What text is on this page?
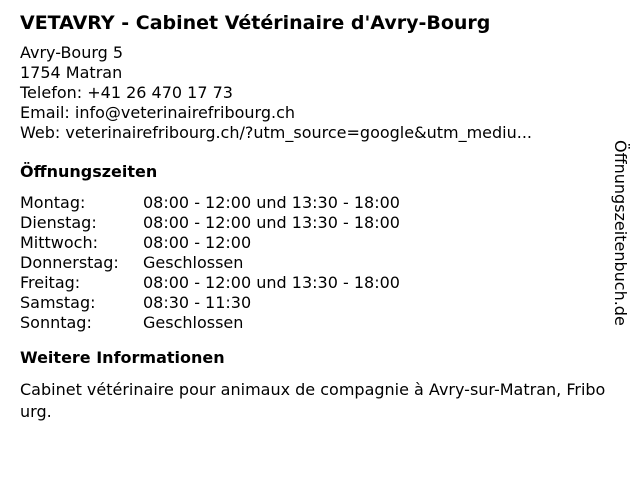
VETAVRY - Cabinet Vétérinaire d'Avry-Bourg
Avry-Bourg 5
1754 Matran
Telefon: +41 26 470 17 73
Email: info@veterinairefribourg.ch
Web: veterinairefribourg.ch/?utm_source=google&utm_mediu...
Öffnungszeiten
Montag:	08:00 - 12:00 und 13:30 - 18:00
Dienstag:	08:00 - 12:00 und 13:30 - 18:00
Mittwoch:	08:00 - 12:00
Donnerstag: Geschlossen
Freitag:	08:00 - 12:00 und 13:30 - 18:00
Samstag:	08:30 - 11:30
Sonntag:	Geschlossen
Weitere Informationen
Cabinet vétérinaire pour animaux de compagnie à Avry-sur-Matran, Fribourg.
Öffnungszeitenbuch.de
